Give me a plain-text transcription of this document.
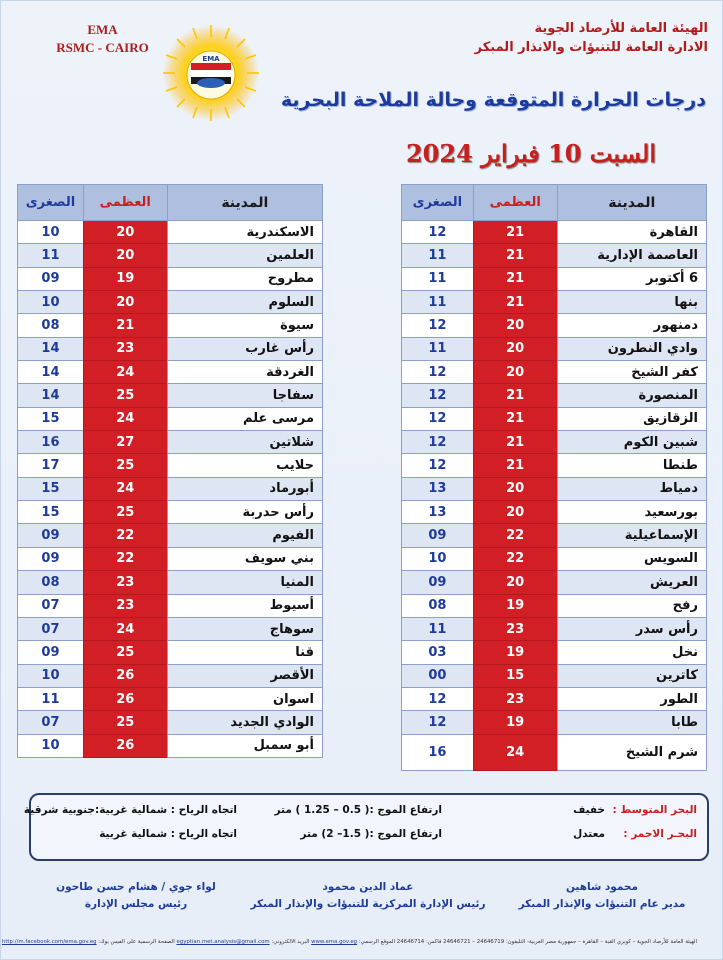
EMA
RSMC - CAIRO
EMA
الهيئة العامة للأرصاد الجوية
الادارة العامة للتنبؤات والانذار المبكر
درجات الحرارة المتوقعة وحالة الملاحة البحرية
السبت 10 فبراير 2024
المدينة	العظمى	الصغرى
القاهرة	21	12
العاصمة الإدارية	21	11
6 أكتوبر	21	11
بنها	21	11
دمنهور	20	12
وادي النطرون	20	11
كفر الشيخ	20	12
المنصورة	21	12
الزقازيق	21	12
شبين الكوم	21	12
طنطا	21	12
دمياط	20	13
بورسعيد	20	13
الإسماعيلية	22	09
السويس	22	10
العريش	20	09
رفح	19	08
رأس سدر	23	11
نخل	19	03
كاترين	15	00
الطور	23	12
طابا	19	12
شرم الشيخ	24	16
المدينة	العظمى	الصغرى
الاسكندرية	20	10
العلمين	20	11
مطروح	19	09
السلوم	20	10
سيوة	21	08
رأس غارب	23	14
الغردقة	24	14
سفاجا	25	14
مرسى علم	24	15
شلاتين	27	16
حلايب	25	17
أبورماد	24	15
رأس حدربة	25	15
الفيوم	22	09
بني سويف	22	09
المنيا	23	08
أسيوط	23	07
سوهاج	24	07
قنا	25	09
الأقصر	26	10
اسوان	26	11
الوادي الجديد	25	07
أبو سمبل	26	10
البحر المتوسط :
خفيف
ارتفاع الموج :( 0.5 – 1.25 ) متر
اتجاه الرياح : شمالية غربية:جنوبية شرقية
البحـر الاحمر :
معتدل
ارتفاع الموج :( 1.5– 2) متر
اتجاه الرياح : شمالية غربية
محمود شاهين
مدير عام التنبؤات والإنذار المبكر
عماد الدين محمود
رئيس الإدارة المركزية للتنبؤات والإنذار المبكر
لواء جوي / هشام حسن طاحون
رئيس مجلس الإدارة
الهيئة العامة للأرصاد الجوية – كوبري القبة – القاهرة – جمهورية مصر العربية- التليفون: 24646719 – 24646721 فاكس: 24646714 الموقع الرسمي: www.ema.gov.eg البريد الالكتروني: egyptian.met.analysis@gmail.com الصفحة الرسمية على الفيس بوك: http://m.facebook.com/ema.gov.eg
